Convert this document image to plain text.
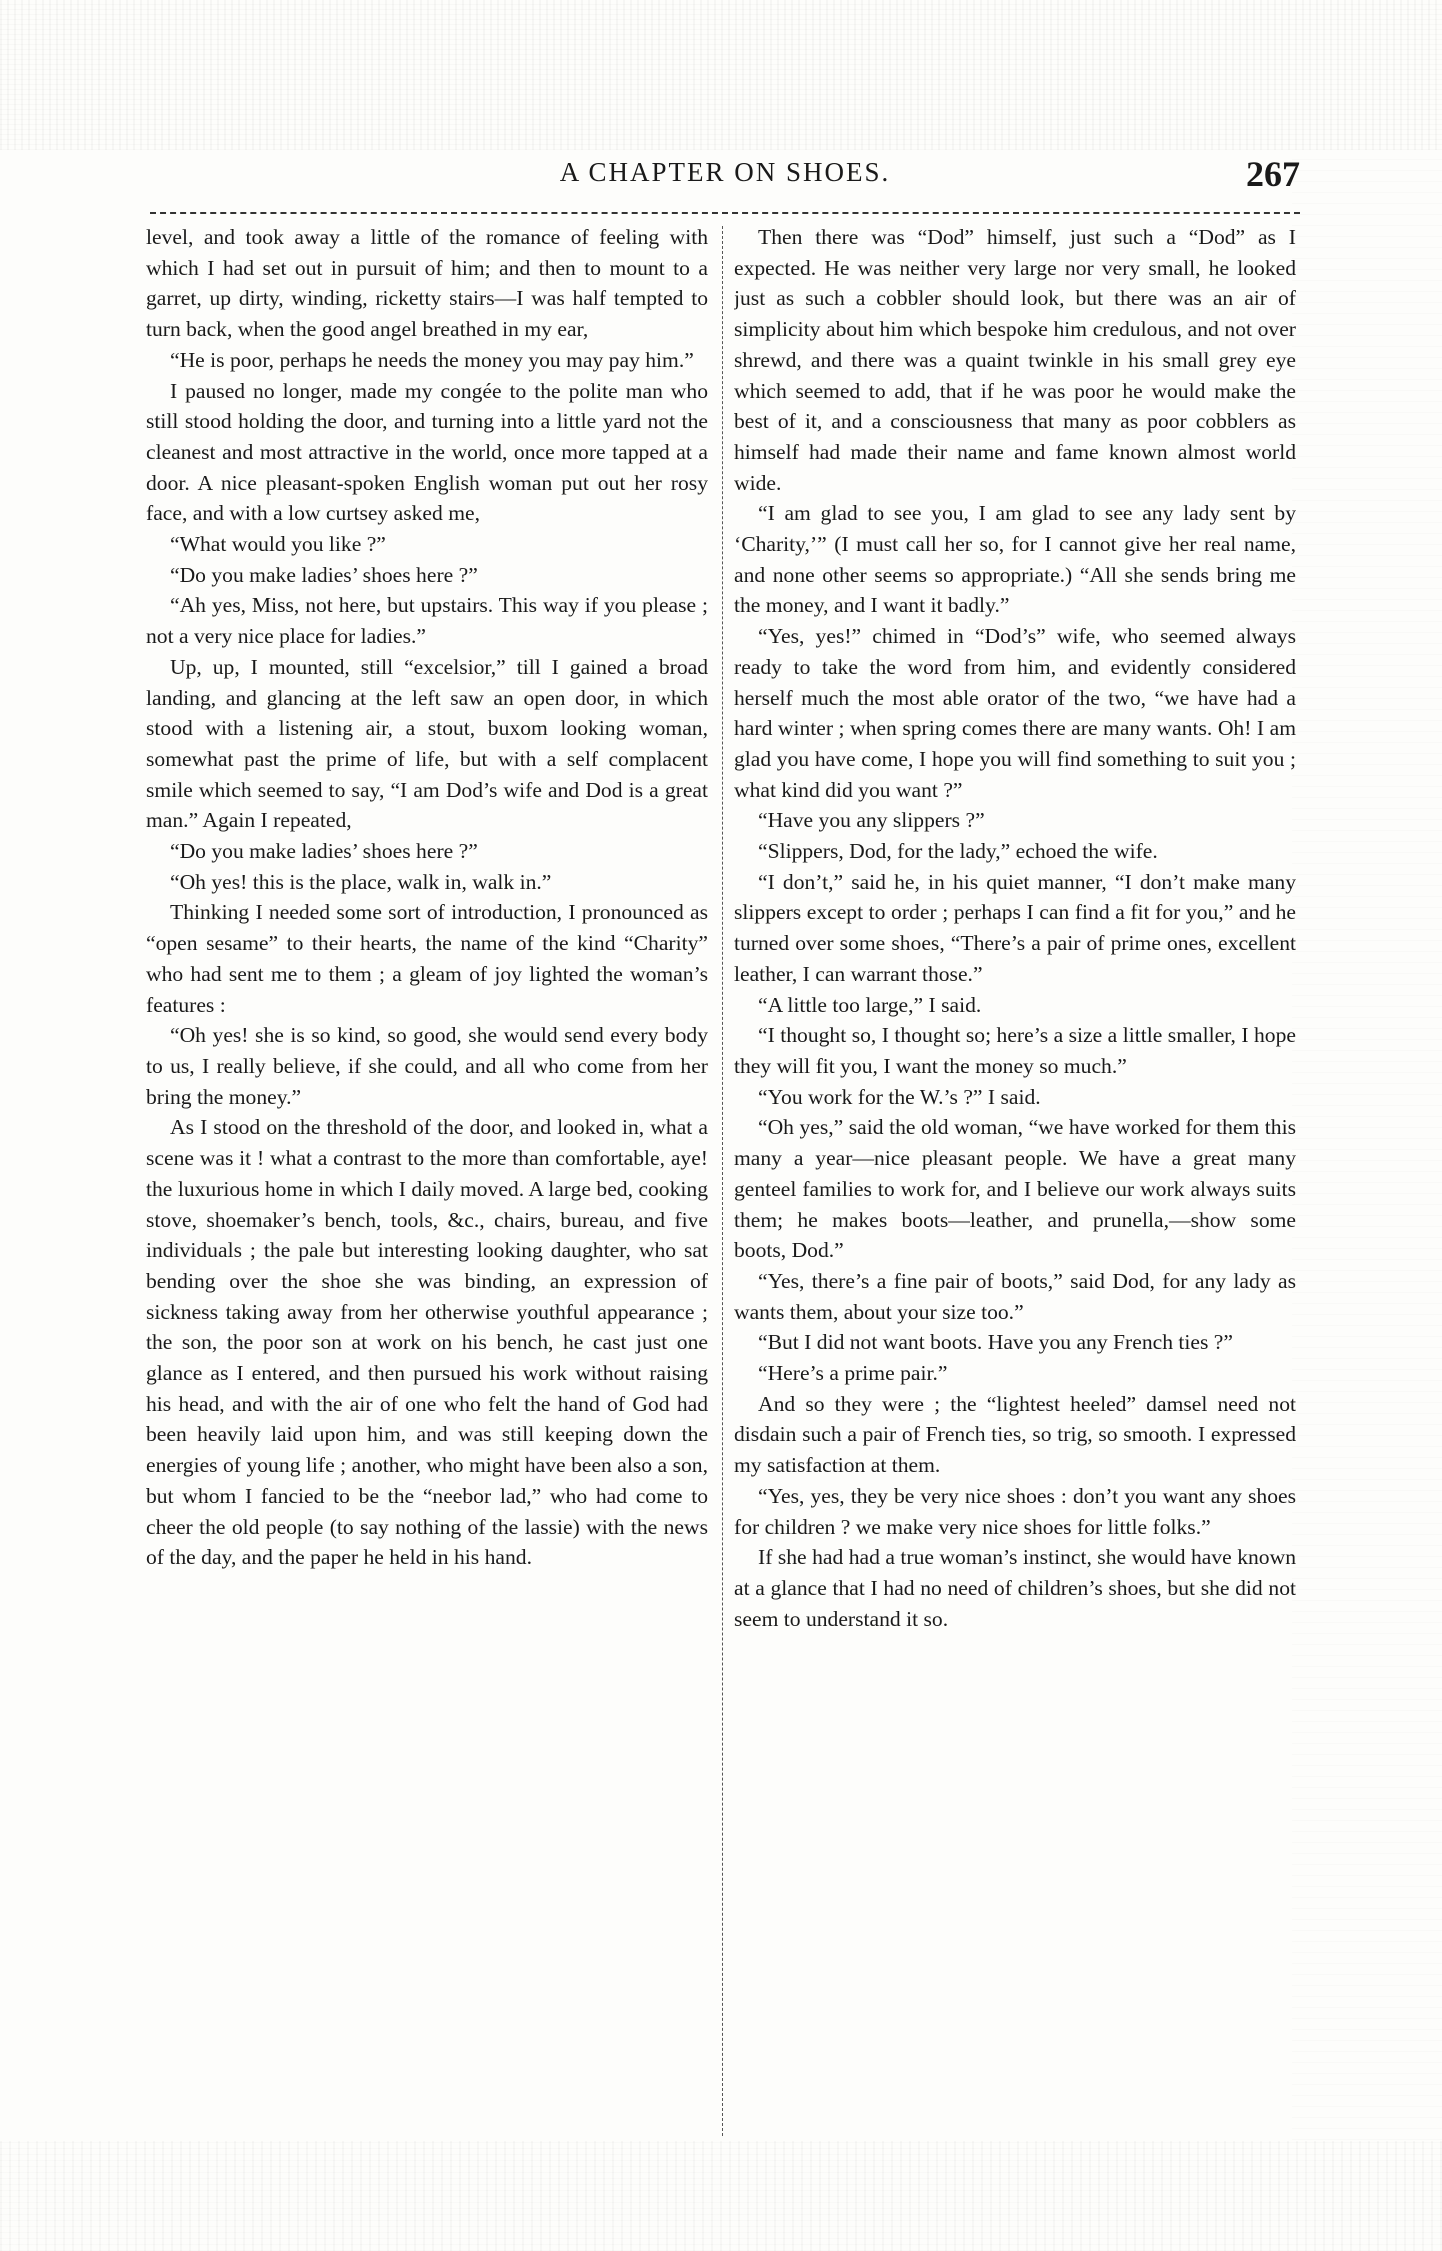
A CHAPTER ON SHOES.	267

level, and took away a little of the romance of feeling with which I had set out in pursuit of him; and then to mount to a garret, up dirty, winding, ricketty stairs—I was half tempted to turn back, when the good angel breathed in my ear,

“He is poor, perhaps he needs the money you may pay him.”

I paused no longer, made my congée to the polite man who still stood holding the door, and turning into a little yard not the cleanest and most attractive in the world, once more tapped at a door. A nice pleasant-spoken English woman put out her rosy face, and with a low curtsey asked me,

“What would you like ?”

“Do you make ladies’ shoes here ?”

“Ah yes, Miss, not here, but upstairs. This way if you please ; not a very nice place for ladies.”

Up, up, I mounted, still “excelsior,” till I gained a broad landing, and glancing at the left saw an open door, in which stood with a listening air, a stout, buxom looking woman, somewhat past the prime of life, but with a self complacent smile which seemed to say, “I am Dod’s wife and Dod is a great man.” Again I repeated,

“Do you make ladies’ shoes here ?”

“Oh yes! this is the place, walk in, walk in.”

Thinking I needed some sort of introduction, I pronounced as “open sesame” to their hearts, the name of the kind “Charity” who had sent me to them ; a gleam of joy lighted the woman’s features :

“Oh yes! she is so kind, so good, she would send every body to us, I really believe, if she could, and all who come from her bring the money.”

As I stood on the threshold of the door, and looked in, what a scene was it ! what a contrast to the more than comfortable, aye! the luxurious home in which I daily moved. A large bed, cooking stove, shoemaker’s bench, tools, &c., chairs, bureau, and five individuals ; the pale but interesting looking daughter, who sat bending over the shoe she was binding, an expression of sickness taking away from her otherwise youthful appearance ; the son, the poor son at work on his bench, he cast just one glance as I entered, and then pursued his work without raising his head, and with the air of one who felt the hand of God had been heavily laid upon him, and was still keeping down the energies of young life ; another, who might have been also a son, but whom I fancied to be the “neebor lad,” who had come to cheer the old people (to say nothing of the lassie) with the news of the day, and the paper he held in his hand.

Then there was “Dod” himself, just such a “Dod” as I expected. He was neither very large nor very small, he looked just as such a cobbler should look, but there was an air of simplicity about him which bespoke him credulous, and not over shrewd, and there was a quaint twinkle in his small grey eye which seemed to add, that if he was poor he would make the best of it, and a consciousness that many as poor cobblers as himself had made their name and fame known almost world wide.

“I am glad to see you, I am glad to see any lady sent by ‘Charity,’” (I must call her so, for I cannot give her real name, and none other seems so appropriate.) “All she sends bring me the money, and I want it badly.”

“Yes, yes!” chimed in “Dod’s” wife, who seemed always ready to take the word from him, and evidently considered herself much the most able orator of the two, “we have had a hard winter ; when spring comes there are many wants. Oh! I am glad you have come, I hope you will find something to suit you ; what kind did you want ?”

“Have you any slippers ?”

“Slippers, Dod, for the lady,” echoed the wife.

“I don’t,” said he, in his quiet manner, “I don’t make many slippers except to order ; perhaps I can find a fit for you,” and he turned over some shoes, “There’s a pair of prime ones, excellent leather, I can warrant those.”

“A little too large,” I said.

“I thought so, I thought so; here’s a size a little smaller, I hope they will fit you, I want the money so much.”

“You work for the W.’s ?” I said.

“Oh yes,” said the old woman, “we have worked for them this many a year—nice pleasant people. We have a great many genteel families to work for, and I believe our work always suits them; he makes boots—leather, and prunella,—show some boots, Dod.”

“Yes, there’s a fine pair of boots,” said Dod, for any lady as wants them, about your size too.”

“But I did not want boots. Have you any French ties ?”

“Here’s a prime pair.”

And so they were ; the “lightest heeled” damsel need not disdain such a pair of French ties, so trig, so smooth. I expressed my satisfaction at them.

“Yes, yes, they be very nice shoes : don’t you want any shoes for children ? we make very nice shoes for little folks.”

If she had had a true woman’s instinct, she would have known at a glance that I had no need of children’s shoes, but she did not seem to understand it so.
